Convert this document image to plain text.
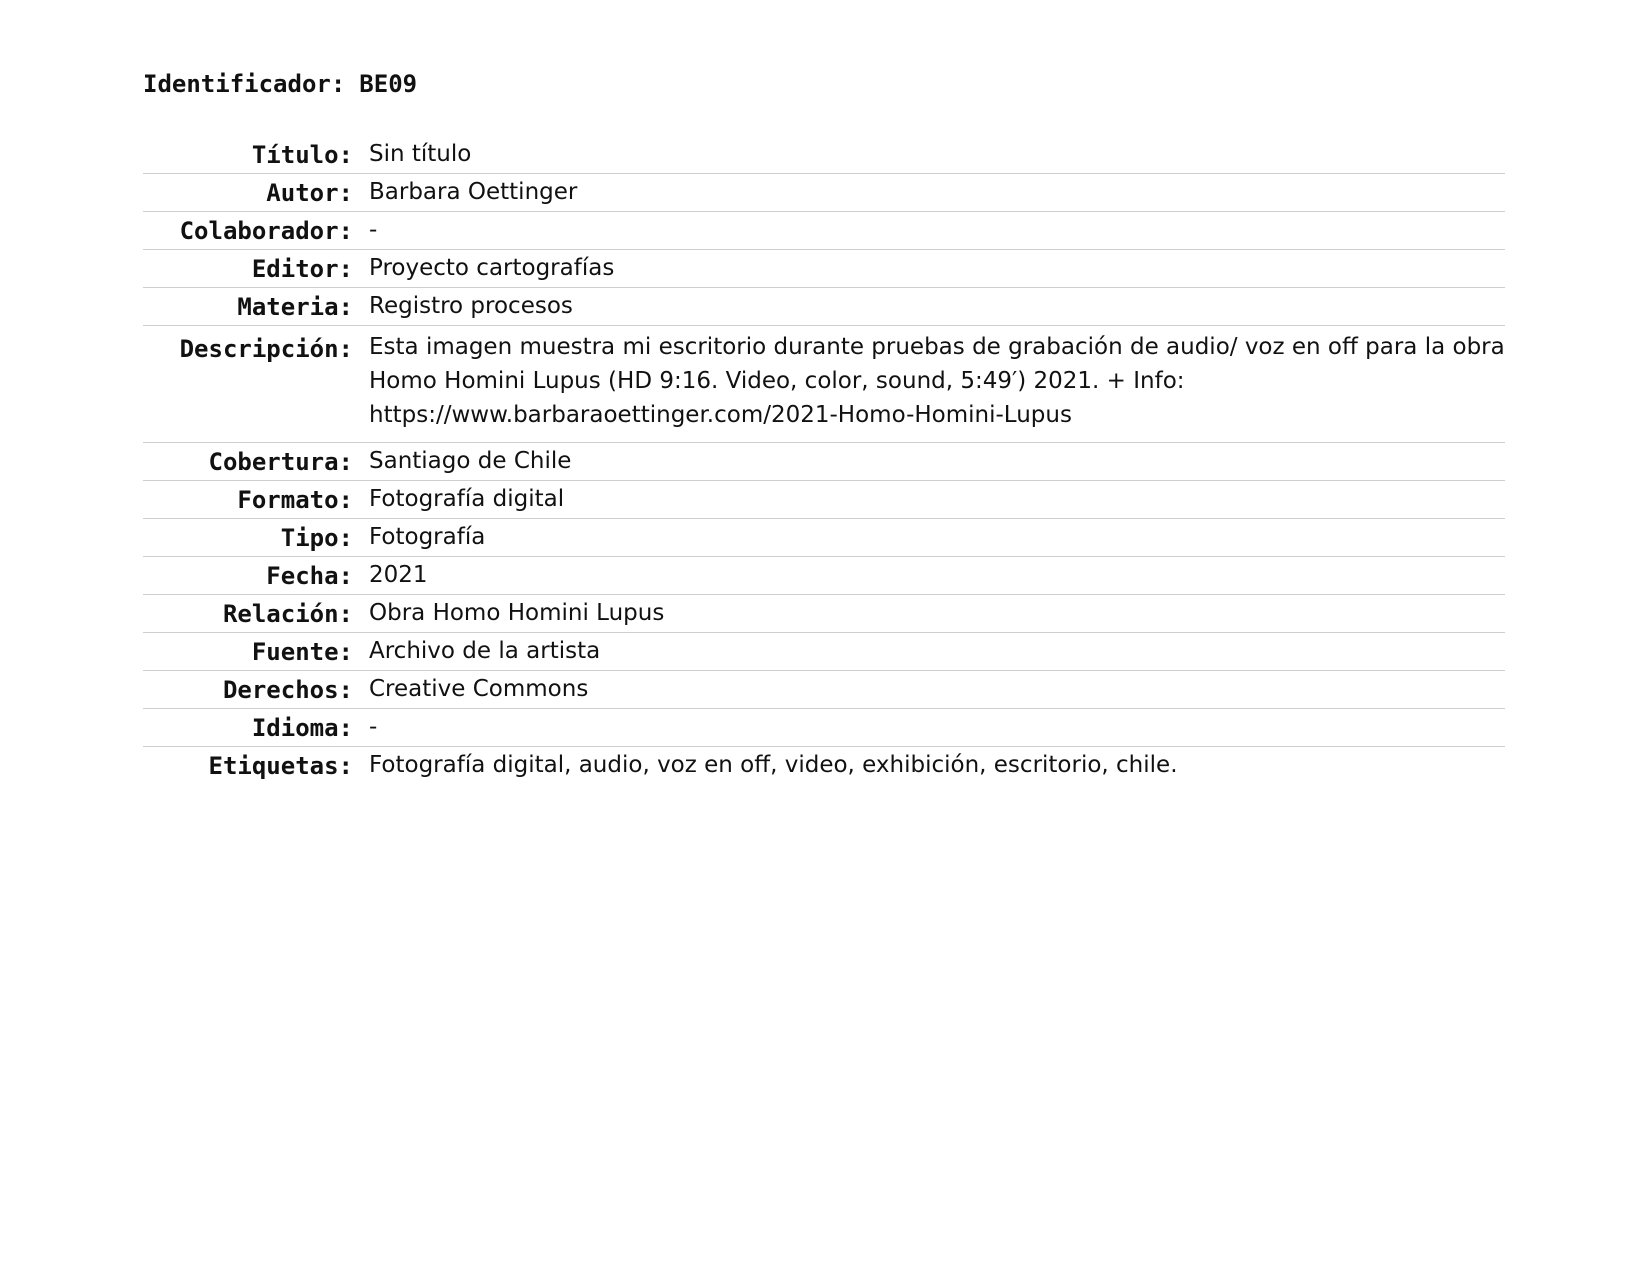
Identificador: BE09
Título: Sin título
Autor: Barbara Oettinger
Colaborador: -
Editor: Proyecto cartografías
Materia: Registro procesos
Descripción: Esta imagen muestra mi escritorio durante pruebas de grabación de audio/ voz en off para la obra Homo Homini Lupus (HD 9:16. Video, color, sound, 5:49′) 2021. + Info: https://www.barbaraoettinger.com/2021-Homo-Homini-Lupus
Cobertura: Santiago de Chile
Formato: Fotografía digital
Tipo: Fotografía
Fecha: 2021
Relación: Obra Homo Homini Lupus
Fuente: Archivo de la artista
Derechos: Creative Commons
Idioma: -
Etiquetas: Fotografía digital, audio, voz en off, video, exhibición, escritorio, chile.
